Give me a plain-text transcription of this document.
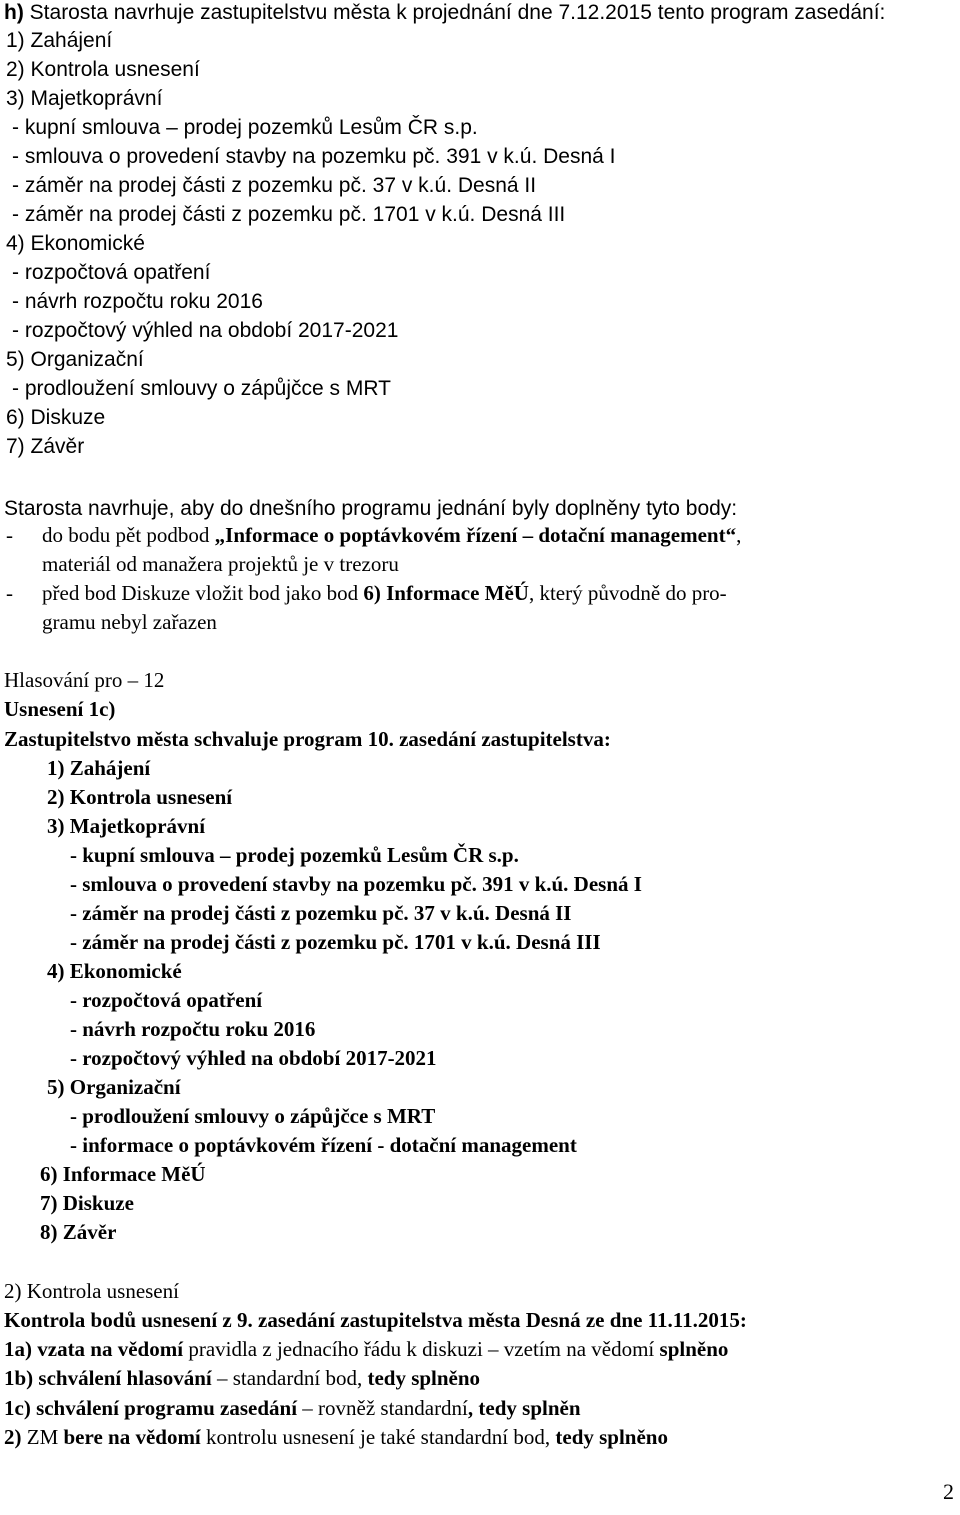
h) Starosta navrhuje zastupitelstvu města k projednání dne 7.12.2015 tento program zasedání:
1) Zahájení
2) Kontrola usnesení
3) Majetkoprávní
- kupní smlouva – prodej pozemků Lesům ČR s.p.
- smlouva o provedení stavby na pozemku pč. 391 v k.ú. Desná I
- záměr na prodej části z pozemku pč. 37 v k.ú. Desná II
- záměr na prodej části z pozemku pč. 1701 v k.ú. Desná III
4) Ekonomické
- rozpočtová opatření
- návrh rozpočtu roku 2016
- rozpočtový výhled na období 2017-2021
5) Organizační
- prodloužení smlouvy o zápůjčce s MRT
6) Diskuze
7) Závěr
Starosta navrhuje, aby do dnešního programu jednání byly doplněny tyto body:
- do bodu pět podbod „Informace o poptávkovém řízení – dotační management“,
materiál od manažera projektů je v trezoru
- před bod Diskuze vložit bod jako bod 6) Informace MěÚ, který původně do pro-
gramu nebyl zařazen
Hlasování pro – 12
Usnesení 1c)
Zastupitelstvo města schvaluje program 10. zasedání zastupitelstva:
1) Zahájení
2) Kontrola usnesení
3) Majetkoprávní
- kupní smlouva – prodej pozemků Lesům ČR s.p.
- smlouva o provedení stavby na pozemku pč. 391 v k.ú. Desná I
- záměr na prodej části z pozemku pč. 37 v k.ú. Desná II
- záměr na prodej části z pozemku pč. 1701 v k.ú. Desná III
4) Ekonomické
- rozpočtová opatření
- návrh rozpočtu roku 2016
- rozpočtový výhled na období 2017-2021
5) Organizační
- prodloužení smlouvy o zápůjčce s MRT
- informace o poptávkovém řízení - dotační management
6) Informace MěÚ
7) Diskuze
8) Závěr
2) Kontrola usnesení
Kontrola bodů usnesení z 9. zasedání zastupitelstva města Desná ze dne 11.11.2015:
1a) vzata na vědomí pravidla z jednacího řádu k diskuzi – vzetím na vědomí splněno
1b) schválení hlasování – standardní bod, tedy splněno
1c) schválení programu zasedání – rovněž standardní, tedy splněn
2) ZM bere na vědomí kontrolu usnesení je také standardní bod, tedy splněno
2
